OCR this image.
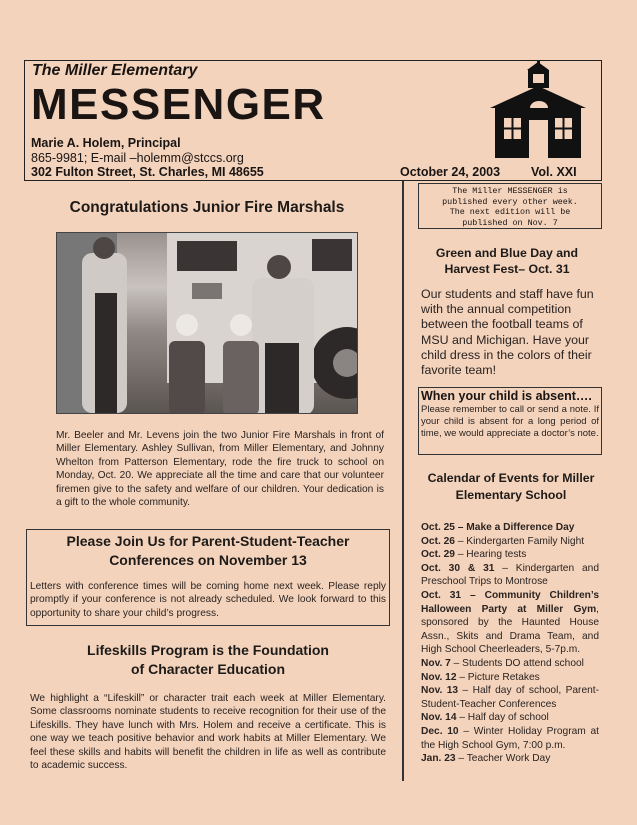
The Miller Elementary
MESSENGER
Marie A. Holem, Principal
865-9981; E-mail –holemm@stccs.org
302 Fulton Street, St. Charles, MI 48655	October 24, 2003 Vol. XXI
Congratulations Junior Fire Marshals
Mr. Beeler and Mr. Levens join the two Junior Fire Marshals in front of Miller Elementary. Ashley Sullivan, from Miller Elementary, and Johnny Whelton from Patterson Elementary, rode the fire truck to school on Monday, Oct. 20. We appreciate all the time and care that our volunteer firemen give to the safety and welfare of our children. Your dedication is a gift to the whole community.
Please Join Us for Parent-Student-Teacher
Conferences on November 13
Letters with conference times will be coming home next week. Please reply promptly if your conference is not already scheduled. We look forward to this opportunity to share your child’s progress.
Lifeskills Program is the Foundation
of Character Education
We highlight a “Lifeskill” or character trait each week at Miller Elementary. Some classrooms nominate students to receive recognition for their use of the Lifeskills. They have lunch with Mrs. Holem and receive a certificate. This is one way we teach positive behavior and work habits at Miller Elementary. We feel these skills and habits will benefit the children in life as well as contribute to academic success.
The Miller MESSENGER is
published every other week.
The next edition will be
published on Nov. 7
Green and Blue Day and
Harvest Fest– Oct. 31
Our students and staff have fun with the annual competition between the football teams of MSU and Michigan. Have your child dress in the colors of their favorite team!
When your child is absent….
Please remember to call or send a note. If your child is absent for a long period of time, we would appreciate a doctor’s note.
Calendar of Events for Miller
Elementary School

Oct. 25 – Make a Difference Day

Oct. 26 – Kindergarten Family Night

Oct. 29 – Hearing tests

Oct. 30 & 31 – Kindergarten and Preschool Trips to Montrose

Oct. 31 – Community Children’s Halloween Party at Miller Gym, sponsored by the Haunted House Assn., Skits and Drama Team, and High School Cheerleaders, 5-7p.m.

Nov. 7 – Students DO attend school

Nov. 12 – Picture Retakes

Nov. 13 – Half day of school, Parent-Student-Teacher Conferences

Nov. 14 – Half day of school

Dec. 10 – Winter Holiday Program at the High School Gym, 7:00 p.m.

Jan. 23 – Teacher Work Day
